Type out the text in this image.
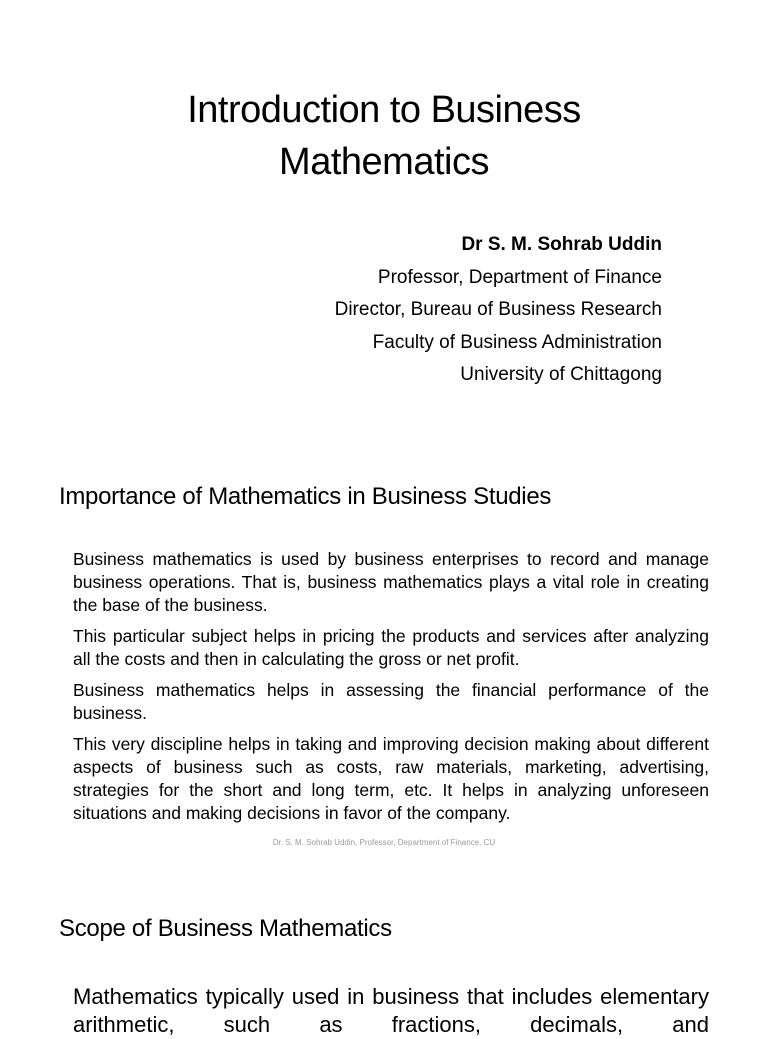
Introduction to Business
Mathematics
Dr S. M. Sohrab Uddin
Professor, Department of Finance
Director, Bureau of Business Research
Faculty of Business Administration
University of Chittagong
Importance of Mathematics in Business Studies

Business mathematics is used by business enterprises to record and manage business operations. That is, business mathematics plays a vital role in creating the base of the business.

This particular subject helps in pricing the products and services after analyzing all the costs and then in calculating the gross or net profit.

Business mathematics helps in assessing the financial performance of the business.

This very discipline helps in taking and improving decision making about different aspects of business such as costs, raw materials, marketing, advertising, strategies for the short and long term, etc. It helps in analyzing unforeseen situations and making decisions in favor of the company.

Dr. S. M. Sohrab Uddin, Professor, Department of Finance, CU
Scope of Business Mathematics
Mathematics typically used in business that includes elementary arithmetic, such as fractions, decimals, and
